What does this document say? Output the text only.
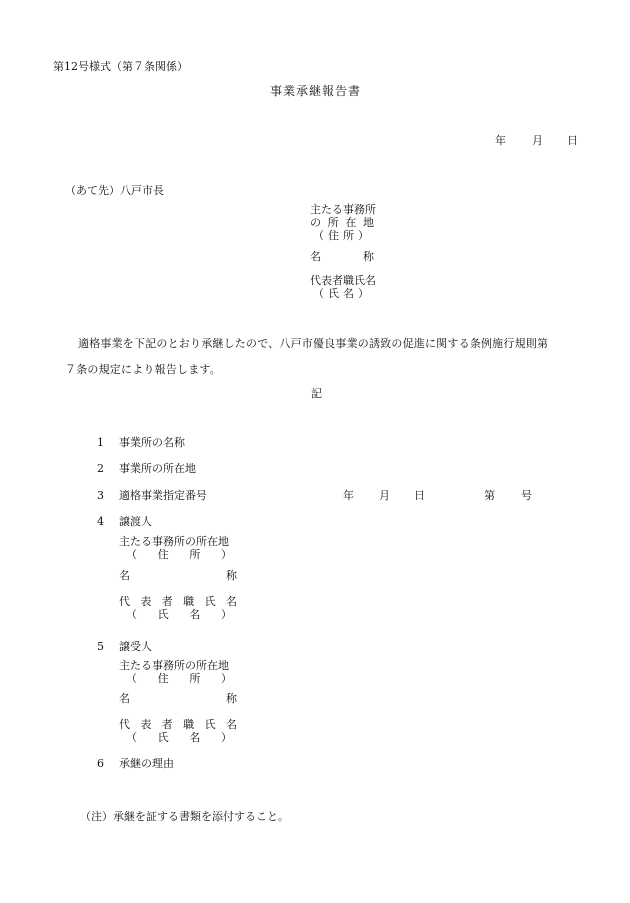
第12号様式（第７条関係）
事業承継報告書
年 月 日
（あて先）八戸市長
主たる事務所
の 所 在 地
（ 住 所 ）
名	称
代表者職氏名
（ 氏 名 ）
適格事業を下記のとおり承継したので、八戸市優良事業の誘致の促進に関する条例施行規則第
７条の規定により報告します。
記
1 事業所の名称
2 事業所の所在地
3 適格事業指定番号	年 月 日	第 号
4 譲渡人
主たる事務所の所在地
（ 住 所 ）
名	称
代 表 者 職 氏 名
（ 氏 名 ）
5 譲受人
主たる事務所の所在地
（ 住 所 ）
名	称
代 表 者 職 氏 名
（ 氏 名 ）
6 承継の理由
（注）承継を証する書類を添付すること。
